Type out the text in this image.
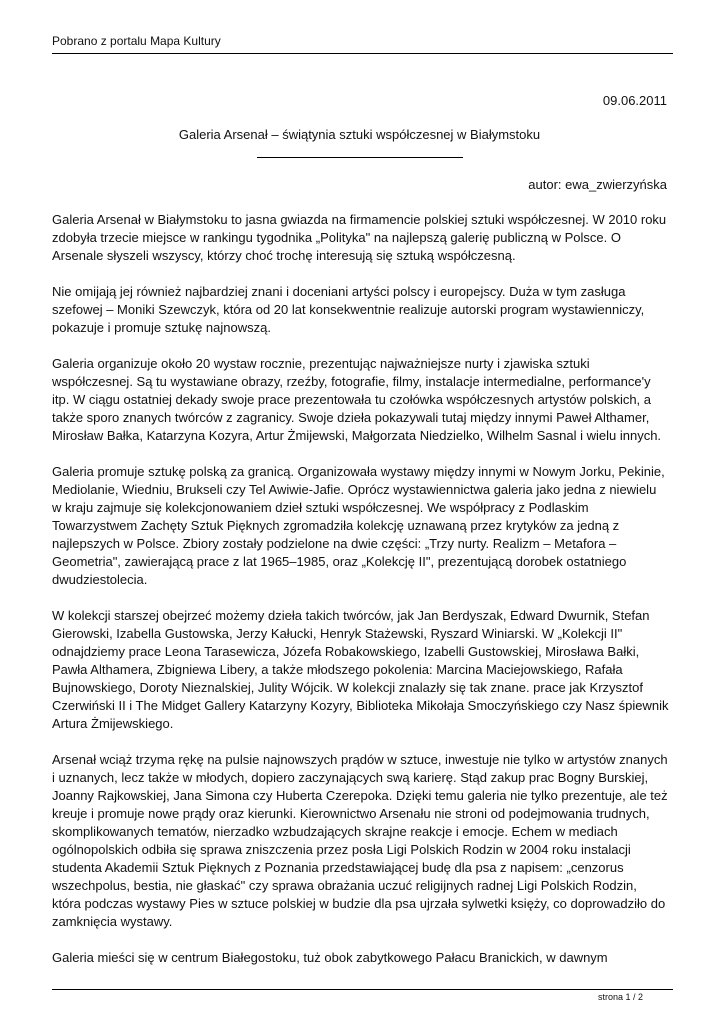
Pobrano z portalu Mapa Kultury
09.06.2011
Galeria Arsenał – świątynia sztuki współczesnej w Białymstoku
autor: ewa_zwierzyńska

Galeria Arsenał w Białymstoku to jasna gwiazda na firmamencie polskiej sztuki współczesnej. W 2010 roku zdobyła trzecie miejsce w rankingu tygodnika „Polityka" na najlepszą galerię publiczną w Polsce. O Arsenale słyszeli wszyscy, którzy choć trochę interesują się sztuką współczesną.

Nie omijają jej również najbardziej znani i doceniani artyści polscy i europejscy. Duża w tym zasługa szefowej – Moniki Szewczyk, która od 20 lat konsekwentnie realizuje autorski program wystawienniczy, pokazuje i promuje sztukę najnowszą.

Galeria organizuje około 20 wystaw rocznie, prezentując najważniejsze nurty i zjawiska sztuki współczesnej. Są tu wystawiane obrazy, rzeźby, fotografie, filmy, instalacje intermedialne, performance'y itp. W ciągu ostatniej dekady swoje prace prezentowała tu czołówka współczesnych artystów polskich, a także sporo znanych twórców z zagranicy. Swoje dzieła pokazywali tutaj między innymi Paweł Althamer, Mirosław Bałka, Katarzyna Kozyra, Artur Żmijewski, Małgorzata Niedzielko, Wilhelm Sasnal i wielu innych.

Galeria promuje sztukę polską za granicą. Organizowała wystawy między innymi w Nowym Jorku, Pekinie, Mediolanie, Wiedniu, Brukseli czy Tel Awiwie-Jafie. Oprócz wystawiennictwa galeria jako jedna z niewielu w kraju zajmuje się kolekcjonowaniem dzieł sztuki współczesnej. We współpracy z Podlaskim Towarzystwem Zachęty Sztuk Pięknych zgromadziła kolekcję uznawaną przez krytyków za jedną z najlepszych w Polsce. Zbiory zostały podzielone na dwie części: „Trzy nurty. Realizm – Metafora – Geometria", zawierającą prace z lat 1965–1985, oraz „Kolekcję II", prezentującą dorobek ostatniego dwudziestolecia.

W kolekcji starszej obejrzeć możemy dzieła takich twórców, jak Jan Berdyszak, Edward Dwurnik, Stefan Gierowski, Izabella Gustowska, Jerzy Kałucki, Henryk Stażewski, Ryszard Winiarski. W „Kolekcji II" odnajdziemy prace Leona Tarasewicza, Józefa Robakowskiego, Izabelli Gustowskiej, Mirosława Bałki, Pawła Althamera, Zbigniewa Libery, a także młodszego pokolenia: Marcina Maciejowskiego, Rafała Bujnowskiego, Doroty Nieznalskiej, Julity Wójcik. W kolekcji znalazły się tak znane. prace jak Krzysztof Czerwiński II i The Midget Gallery Katarzyny Kozyry, Biblioteka Mikołaja Smoczyńskiego czy Nasz śpiewnik Artura Żmijewskiego.

Arsenał wciąż trzyma rękę na pulsie najnowszych prądów w sztuce, inwestuje nie tylko w artystów znanych i uznanych, lecz także w młodych, dopiero zaczynających swą karierę. Stąd zakup prac Bogny Burskiej, Joanny Rajkowskiej, Jana Simona czy Huberta Czerepoka. Dzięki temu galeria nie tylko prezentuje, ale też kreuje i promuje nowe prądy oraz kierunki. Kierownictwo Arsenału nie stroni od podejmowania trudnych, skomplikowanych tematów, nierzadko wzbudzających skrajne reakcje i emocje. Echem w mediach ogólnopolskich odbiła się sprawa zniszczenia przez posła Ligi Polskich Rodzin w 2004 roku instalacji studenta Akademii Sztuk Pięknych z Poznania przedstawiającej budę dla psa z napisem: „cenzorus wszechpolus, bestia, nie głaskać" czy sprawa obrażania uczuć religijnych radnej Ligi Polskich Rodzin, która podczas wystawy Pies w sztuce polskiej w budzie dla psa ujrzała sylwetki księży, co doprowadziło do zamknięcia wystawy.

Galeria mieści się w centrum Białegostoku, tuż obok zabytkowego Pałacu Branickich, w dawnym

strona 1 / 2
